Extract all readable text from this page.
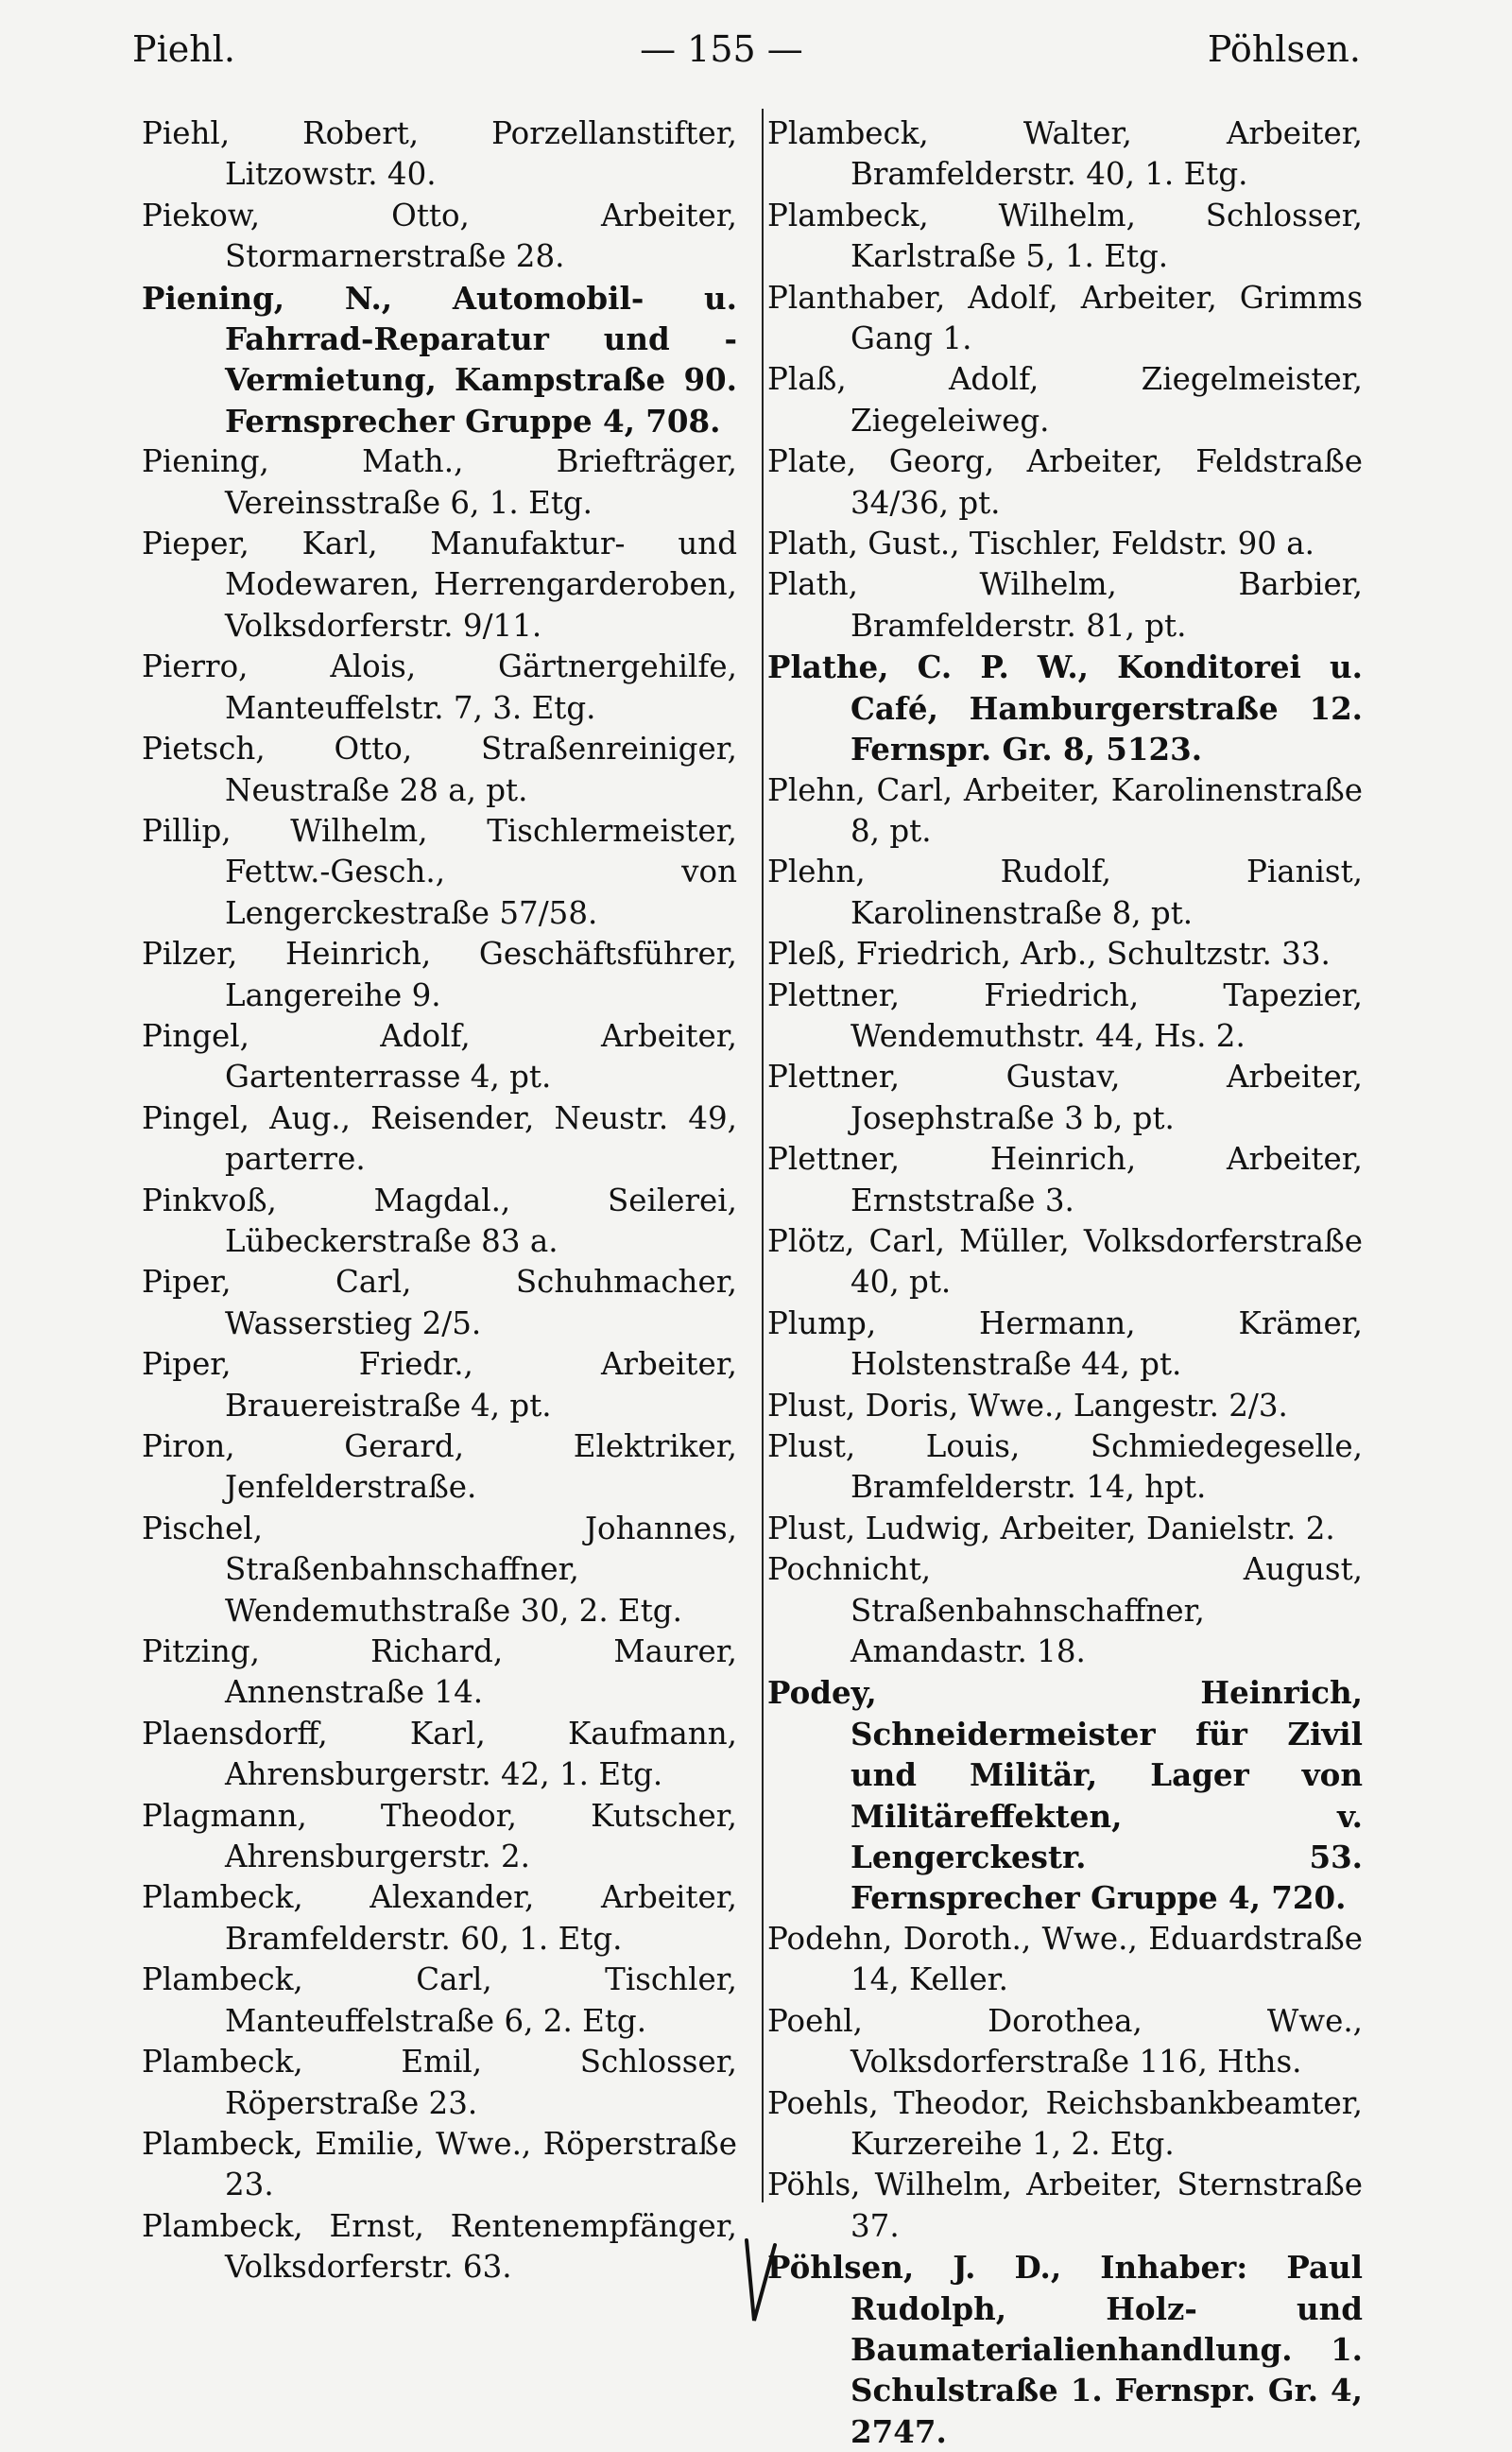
Piehl.	— 155 —	Pöhlsen.
Piehl, Robert, Porzellanstifter, Litzowstr. 40.
Piekow, Otto, Arbeiter, Stormarnerstraße 28.
Piening, N., Automobil- u. Fahrrad-Reparatur und -Vermietung, Kampstraße 90. Fernsprecher Gruppe 4, 708.
Piening, Math., Briefträger, Vereinsstraße 6, 1. Etg.
Pieper, Karl, Manufaktur- und Modewaren, Herrengarderoben, Volksdorferstr. 9/11.
Pierro, Alois, Gärtnergehilfe, Manteuffelstr. 7, 3. Etg.
Pietsch, Otto, Straßenreiniger, Neustraße 28 a, pt.
Pillip, Wilhelm, Tischlermeister, Fettw.-Gesch., von Lengerckestraße 57/58.
Pilzer, Heinrich, Geschäftsführer, Langereihe 9.
Pingel, Adolf, Arbeiter, Gartenterrasse 4, pt.
Pingel, Aug., Reisender, Neustr. 49, parterre.
Pinkvoß, Magdal., Seilerei, Lübeckerstraße 83 a.
Piper, Carl, Schuhmacher, Wasserstieg 2/5.
Piper, Friedr., Arbeiter, Brauereistraße 4, pt.
Piron, Gerard, Elektriker, Jenfelderstraße.
Pischel, Johannes, Straßenbahnschaffner, Wendemuthstraße 30, 2. Etg.
Pitzing, Richard, Maurer, Annenstraße 14.
Plaensdorff, Karl, Kaufmann, Ahrensburgerstr. 42, 1. Etg.
Plagmann, Theodor, Kutscher, Ahrensburgerstr. 2.
Plambeck, Alexander, Arbeiter, Bramfelderstr. 60, 1. Etg.
Plambeck, Carl, Tischler, Manteuffelstraße 6, 2. Etg.
Plambeck, Emil, Schlosser, Röperstraße 23.
Plambeck, Emilie, Wwe., Röperstraße 23.
Plambeck, Ernst, Rentenempfänger, Volksdorferstr. 63.
Plambeck, Walter, Arbeiter, Bramfelderstr. 40, 1. Etg.
Plambeck, Wilhelm, Schlosser, Karlstraße 5, 1. Etg.
Planthaber, Adolf, Arbeiter, Grimms Gang 1.
Plaß, Adolf, Ziegelmeister, Ziegeleiweg.
Plate, Georg, Arbeiter, Feldstraße 34/36, pt.
Plath, Gust., Tischler, Feldstr. 90 a.
Plath, Wilhelm, Barbier, Bramfelderstr. 81, pt.
Plathe, C. P. W., Konditorei u. Café, Hamburgerstraße 12. Fernspr. Gr. 8, 5123.
Plehn, Carl, Arbeiter, Karolinenstraße 8, pt.
Plehn, Rudolf, Pianist, Karolinenstraße 8, pt.
Pleß, Friedrich, Arb., Schultzstr. 33.
Plettner, Friedrich, Tapezier, Wendemuthstr. 44, Hs. 2.
Plettner, Gustav, Arbeiter, Josephstraße 3 b, pt.
Plettner, Heinrich, Arbeiter, Ernststraße 3.
Plötz, Carl, Müller, Volksdorferstraße 40, pt.
Plump, Hermann, Krämer, Holstenstraße 44, pt.
Plust, Doris, Wwe., Langestr. 2/3.
Plust, Louis, Schmiedegeselle, Bramfelderstr. 14, hpt.
Plust, Ludwig, Arbeiter, Danielstr. 2.
Pochnicht, August, Straßenbahnschaffner, Amandastr. 18.
Podey, Heinrich, Schneidermeister für Zivil und Militär, Lager von Militäreffekten, v. Lengerckestr. 53. Fernsprecher Gruppe 4, 720.
Podehn, Doroth., Wwe., Eduardstraße 14, Keller.
Poehl, Dorothea, Wwe., Volksdorferstraße 116, Hths.
Poehls, Theodor, Reichsbankbeamter, Kurzereihe 1, 2. Etg.
Pöhls, Wilhelm, Arbeiter, Sternstraße 37.
Pöhlsen, J. D., Inhaber: Paul Rudolph, Holz- und Baumaterialienhandlung. 1. Schulstraße 1. Fernspr. Gr. 4, 2747.
